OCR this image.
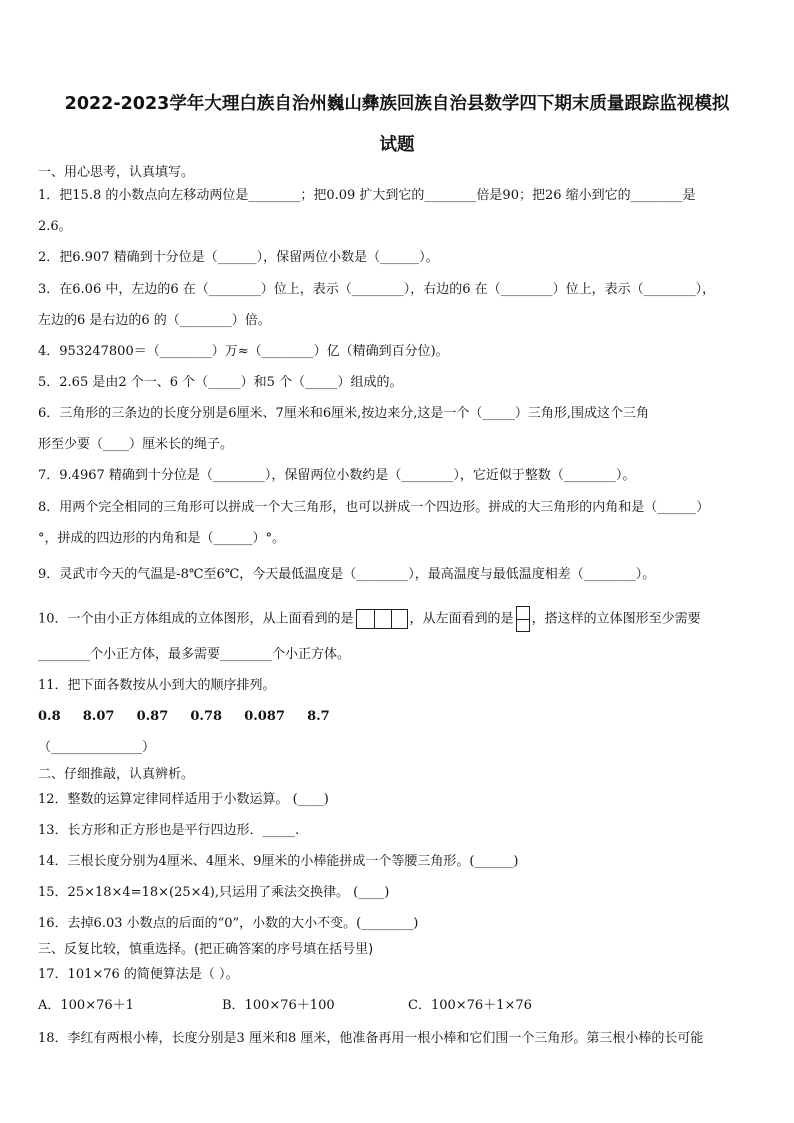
2022-2023学年大理白族自治州巍山彝族回族自治县数学四下期末质量跟踪监视模拟
试题
一、用心思考，认真填写。
1．把15.8 的小数点向左移动两位是________；把0.09 扩大到它的________倍是90；把26 缩小到它的________是
2.6。
2．把6.907 精确到十分位是（______），保留两位小数是（______）。
3．在6.06 中，左边的6 在（________）位上，表示（________），右边的6 在（________）位上，表示（________），
左边的6 是右边的6 的（________）倍。
4．953247800＝（________）万≈（________）亿（精确到百分位)。
5．2.65 是由2 个一、6 个（_____）和5 个（_____）组成的。
6．三角形的三条边的长度分别是6厘米、7厘米和6厘米,按边来分,这是一个（_____）三角形,围成这个三角
形至少要（____）厘米长的绳子。
7．9.4967 精确到十分位是（________），保留两位小数约是（________），它近似于整数（________）。
8．用两个完全相同的三角形可以拼成一个大三角形，也可以拼成一个四边形。拼成的大三角形的内角和是（______）
°，拼成的四边形的内角和是（______）°。
9．灵武市今天的气温是-8℃至6℃，今天最低温度是（________），最高温度与最低温度相差（________）。
10．一个由小正方体组成的立体图形，从上面看到的是	，从左面看到的是 ，搭这样的立体图形至少需要
________个小正方体，最多需要________个小正方体。
11．把下面各数按从小到大的顺序排列。
0.8 8.07 0.87 0.78 0.087 8.7
（______________）
二、仔细推敲，认真辨析。
12．整数的运算定律同样适用于小数运算。 (____)
13．长方形和正方形也是平行四边形．_____.
14．三根长度分别为4厘米、4厘米、9厘米的小棒能拼成一个等腰三角形。(______)
15．25×18×4=18×(25×4),只运用了乘法交换律。 (____)
16．去掉6.03 小数点的后面的“0”，小数的大小不变。(________)
三、反复比较，慎重选择。(把正确答案的序号填在括号里)
17．101×76 的简便算法是（ ）。
A．100×76＋1	B．100×76＋100	C．100×76＋1×76
18．李红有两根小棒，长度分别是3 厘米和8 厘米，他准备再用一根小棒和它们围一个三角形。第三根小棒的长可能
